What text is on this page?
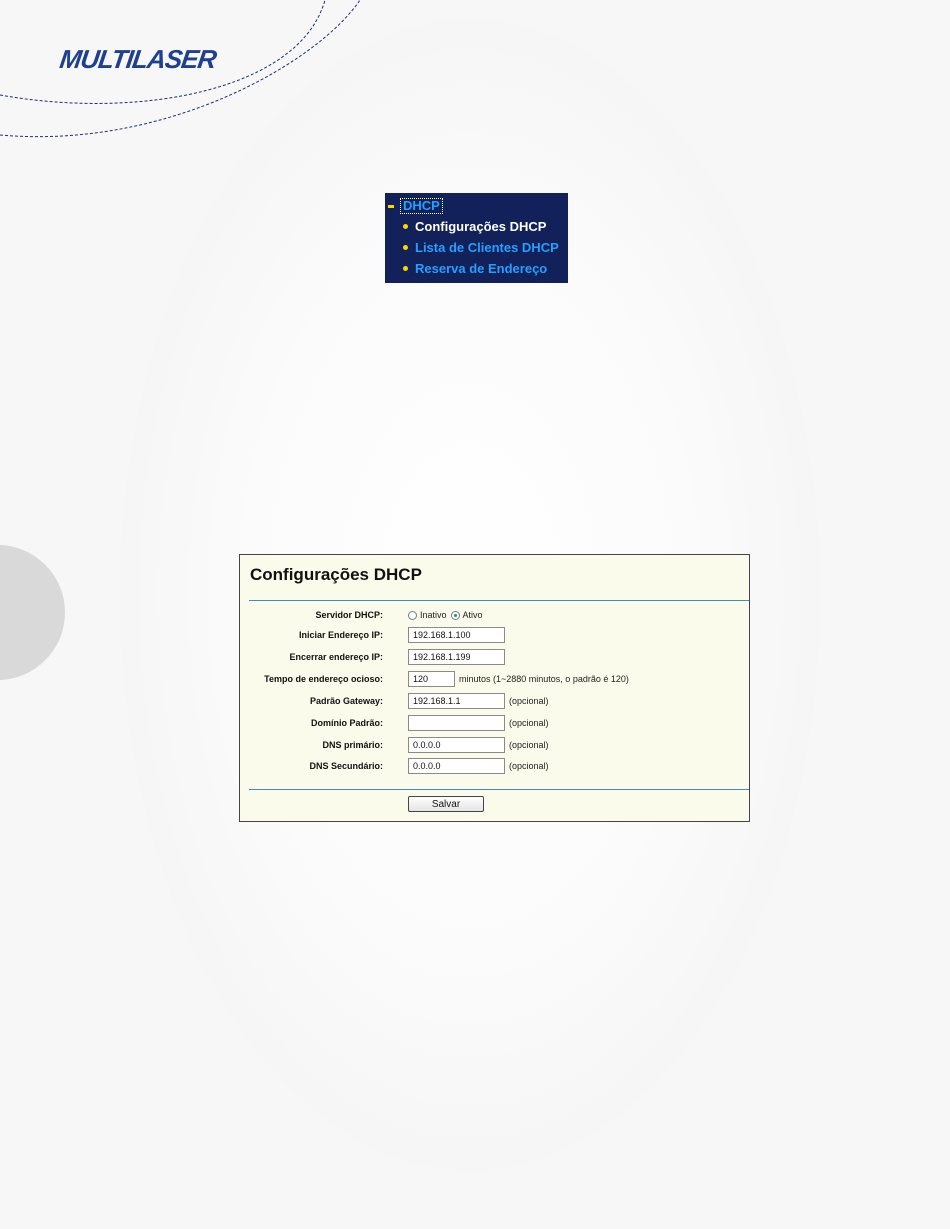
MULTILASER
DHCP
Configurações DHCP
Lista de Clientes DHCP
Reserva de Endereço
Configurações DHCP
Servidor DHCP:	Inativo Ativo
Iniciar Endereço IP:
192.168.1.100
Encerrar endereço IP:
192.168.1.199
Tempo de endereço ocioso:
120	minutos (1~2880 minutos, o padrão é 120)
Padrão Gateway:
192.168.1.1	(opcional)
Domínio Padrão:	(opcional)
DNS primário:
0.0.0.0	(opcional)
DNS Secundário:
0.0.0.0	(opcional)
Salvar
